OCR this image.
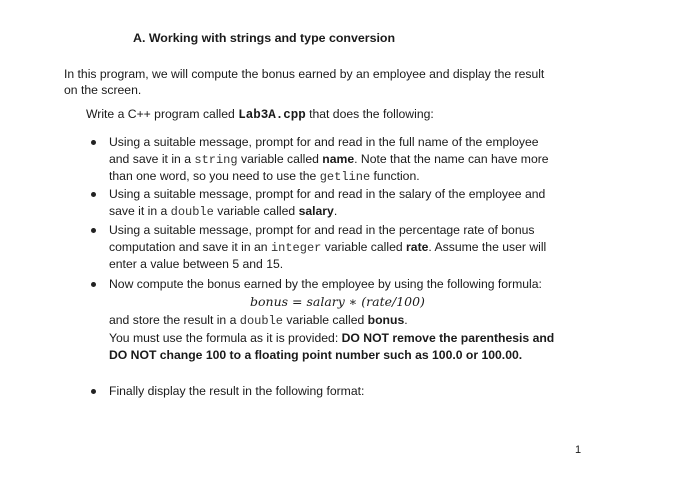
A. Working with strings and type conversion
In this program, we will compute the bonus earned by an employee and display the result
on the screen.
Write a C++ program called Lab3A.cpp that does the following:
Using a suitable message, prompt for and read in the full name of the employee
and save it in a string variable called name. Note that the name can have more
than one word, so you need to use the getline function.
Using a suitable message, prompt for and read in the salary of the employee and
save it in a double variable called salary.
Using a suitable message, prompt for and read in the percentage rate of bonus
computation and save it in an integer variable called rate. Assume the user will
enter a value between 5 and 15.
Now compute the bonus earned by the employee by using the following formula:
bonus = salary ∗ (rate/100)
and store the result in a double variable called bonus.
You must use the formula as it is provided: DO NOT remove the parenthesis and
DO NOT change 100 to a floating point number such as 100.0 or 100.00.
Finally display the result in the following format:
1
